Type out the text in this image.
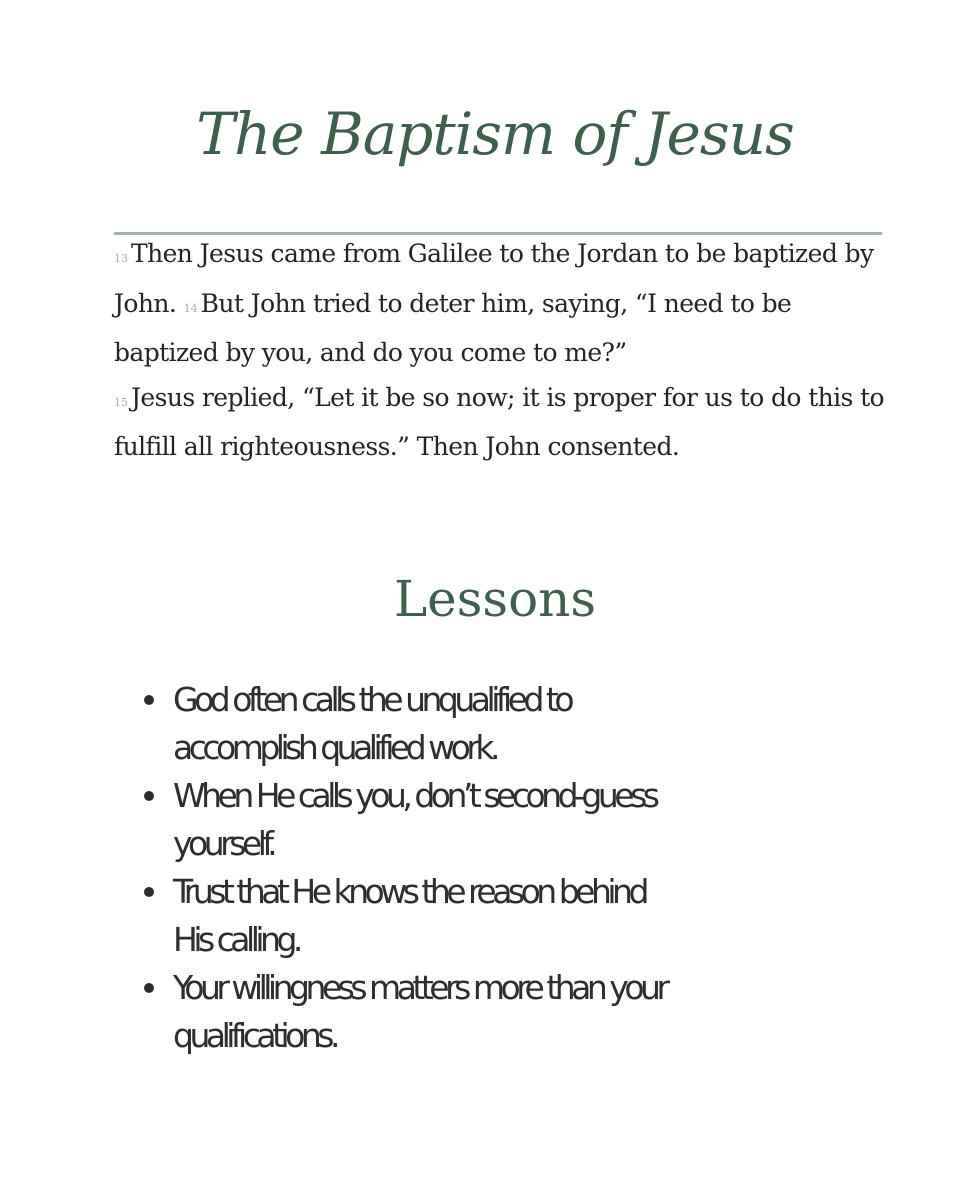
The Baptism of Jesus
13 Then Jesus came from Galilee to the Jordan to be baptized by
John. 14 But John tried to deter him, saying, “I need to be
baptized by you, and do you come to me?”
15 Jesus replied, “Let it be so now; it is proper for us to do this to
fulfill all righteousness.” Then John consented.
Lessons
God often calls the unqualified to
accomplish qualified work.
When He calls you, don’t second-guess
yourself.
Trust that He knows the reason behind
His calling.
Your willingness matters more than your
qualifications.
